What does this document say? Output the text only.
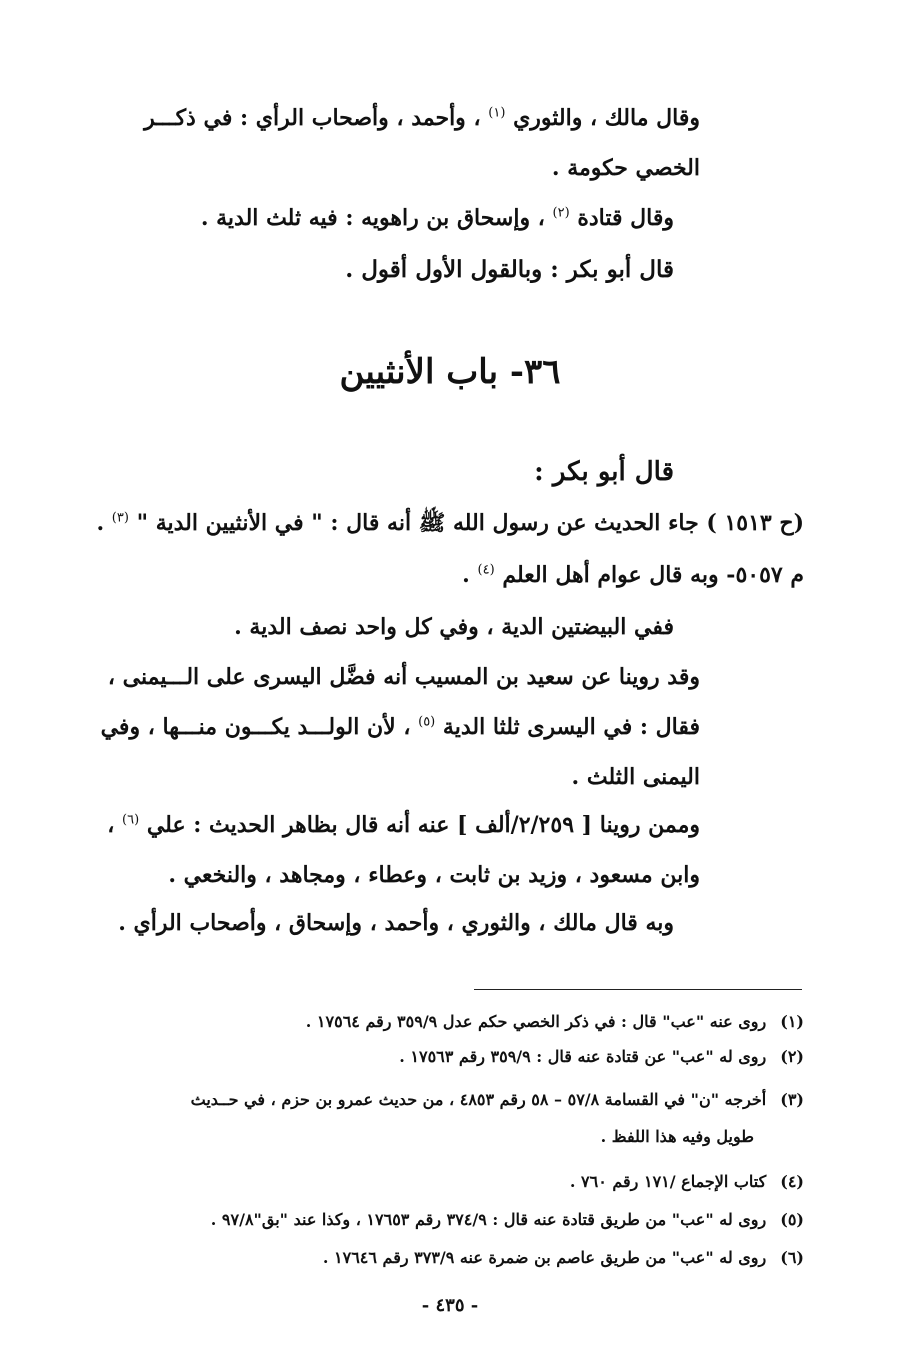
وقال مالك ، والثوري $^{(١)}$ ، وأحمد ، وأصحاب الرأي : في ذكـــر
الخصي حكومة .
وقال قتادة $^{(٢)}$ ، وإسحاق بن راهويه : فيه ثلث الدية .
قال أبو بكر : وبالقول الأول أقول .
٣٦- باب الأنثيين
قال أبو بكر :
(ح ١٥١٣ ) جاء الحديث عن رسول الله ﷺ أنه قال : " في الأنثيين الدية " $^{(٣)}$ .
م ٥٠٥٧- وبه قال عوام أهل العلم $^{(٤)}$ .
ففي البيضتين الدية ، وفي كل واحد نصف الدية .
وقد روينا عن سعيد بن المسيب أنه فضَّل اليسرى على الـــيمنى ،
فقال : في اليسرى ثلثا الدية $^{(٥)}$ ، لأن الولـــد يكـــون منـــها ، وفي
اليمنى الثلث .
وممن روينا [ ٢/٢٥٩/ألف ] عنه أنه قال بظاهر الحديث : علي $^{(٦)}$ ،
وابن مسعود ، وزيد بن ثابت ، وعطاء ، ومجاهد ، والنخعي .
وبه قال مالك ، والثوري ، وأحمد ، وإسحاق ، وأصحاب الرأي .
(١)روى عنه "عب" قال : في ذكر الخصي حكم عدل ٣٥٩/٩ رقم ١٧٥٦٤ .
(٢)روى له "عب" عن قتادة عنه قال : ٣٥٩/٩ رقم ١٧٥٦٣ .
(٣)أخرجه "ن" في القسامة ٥٧/٨ – ٥٨ رقم ٤٨٥٣ ، من حديث عمرو بن حزم ، في حــديث
طويل وفيه هذا اللفظ .
(٤)كتاب الإجماع /١٧١ رقم ٧٦٠ .
(٥)روى له "عب" من طريق قتادة عنه قال : ٣٧٤/٩ رقم ١٧٦٥٣ ، وكذا عند "بق"٩٧/٨ .
(٦)روى له "عب" من طريق عاصم بن ضمرة عنه ٣٧٣/٩ رقم ١٧٦٤٦ .
- ٤٣٥ -
